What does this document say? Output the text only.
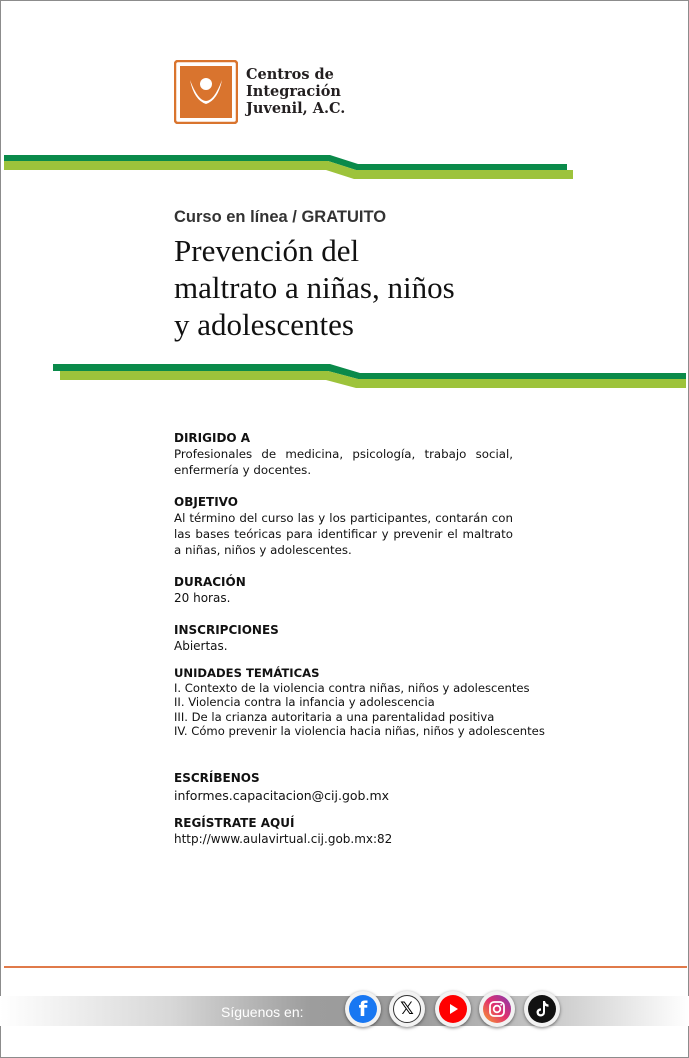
Centros de
Integración
Juvenil, A.C.
Curso en línea / GRATUITO
Prevención del
maltrato a niñas, niños
y adolescentes
DIRIGIDO A
Profesionales de medicina, psicología, trabajo social, enfermería y docentes.
OBJETIVO
Al término del curso las y los participantes, contarán con las bases teóricas para identificar y prevenir el maltrato a niñas, niños y adolescentes.
DURACIÓN
20 horas.
INSCRIPCIONES
Abiertas.
UNIDADES TEMÁTICAS
I. Contexto de la violencia contra niñas, niños y adolescentes
II. Violencia contra la infancia y adolescencia
III. De la crianza autoritaria a una parentalidad positiva
IV. Cómo prevenir la violencia hacia niñas, niños y adolescentes
ESCRÍBENOS
informes.capacitacion@cij.gob.mx
REGÍSTRATE AQUÍ
http://www.aulavirtual.cij.gob.mx:82
Síguenos en:	f	𝕏
